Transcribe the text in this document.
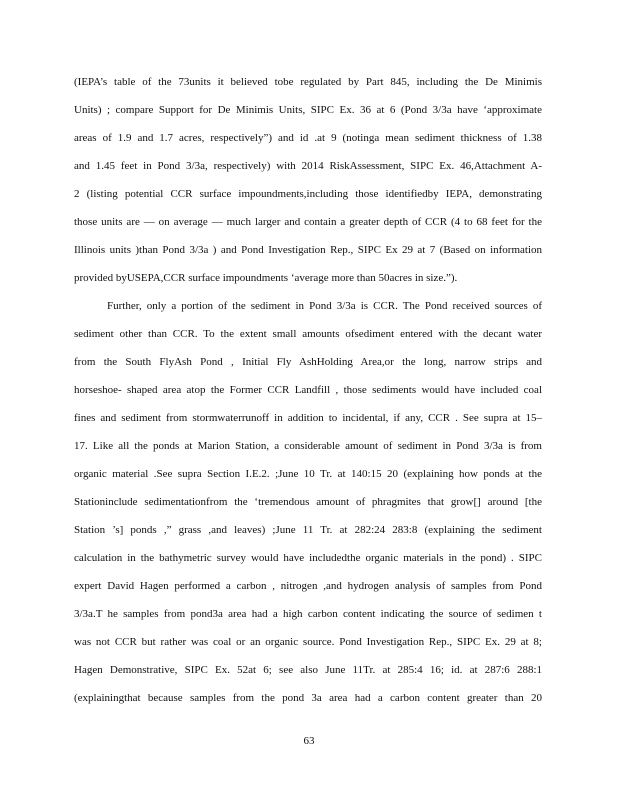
(IEPA’s table of the 73units it believed tobe regulated by Part 845, including the De Minimis
Units) ; compare Support for De Minimis Units, SIPC Ex. 36 at 6 (Pond 3/3a have ‘approximate
areas of 1.9 and 1.7 acres, respectively”) and id .at 9 (notinga mean sediment thickness of 1.38
and 1.45 feet in Pond 3/3a, respectively) with 2014 RiskAssessment, SIPC Ex. 46,Attachment A-
2 (listing potential CCR surface impoundments,including those identifiedby IEPA, demonstrating
those units are — on average — much larger and contain a greater depth of CCR (4 to 68 feet for the
Illinois units )than Pond 3/3a ) and Pond Investigation Rep., SIPC Ex 29 at 7 (Based on information
provided byUSEPA,CCR surface impoundments ‘average more than 50acres in size.”).
Further, only a portion of the sediment in Pond 3/3a is CCR. The Pond received sources of
sediment other than CCR. To the extent small amounts ofsediment entered with the decant water
from the South FlyAsh Pond , Initial Fly AshHolding Area,or the long, narrow strips and
horseshoe- shaped area atop the Former CCR Landfill , those sediments would have included coal
fines and sediment from stormwaterrunoff in addition to incidental, if any, CCR . See supra at 15–
17. Like all the ponds at Marion Station, a considerable amount of sediment in Pond 3/3a is from
organic material .See supra Section I.E.2. ;June 10 Tr. at 140:15 20 (explaining how ponds at the
Stationinclude sedimentationfrom the ‘tremendous amount of phragmites that grow[] around [the
Station ’s] ponds ,” grass ,and leaves) ;June 11 Tr. at 282:24 283:8 (explaining the sediment
calculation in the bathymetric survey would have includedthe organic materials in the pond) . SIPC
expert David Hagen performed a carbon , nitrogen ,and hydrogen analysis of samples from Pond
3/3a.T he samples from pond3a area had a high carbon content indicating the source of sedimen t
was not CCR but rather was coal or an organic source. Pond Investigation Rep., SIPC Ex. 29 at 8;
Hagen Demonstrative, SIPC Ex. 52at 6; see also June 11Tr. at 285:4 16; id. at 287:6 288:1
(explainingthat because samples from the pond 3a area had a carbon content greater than 20
63
